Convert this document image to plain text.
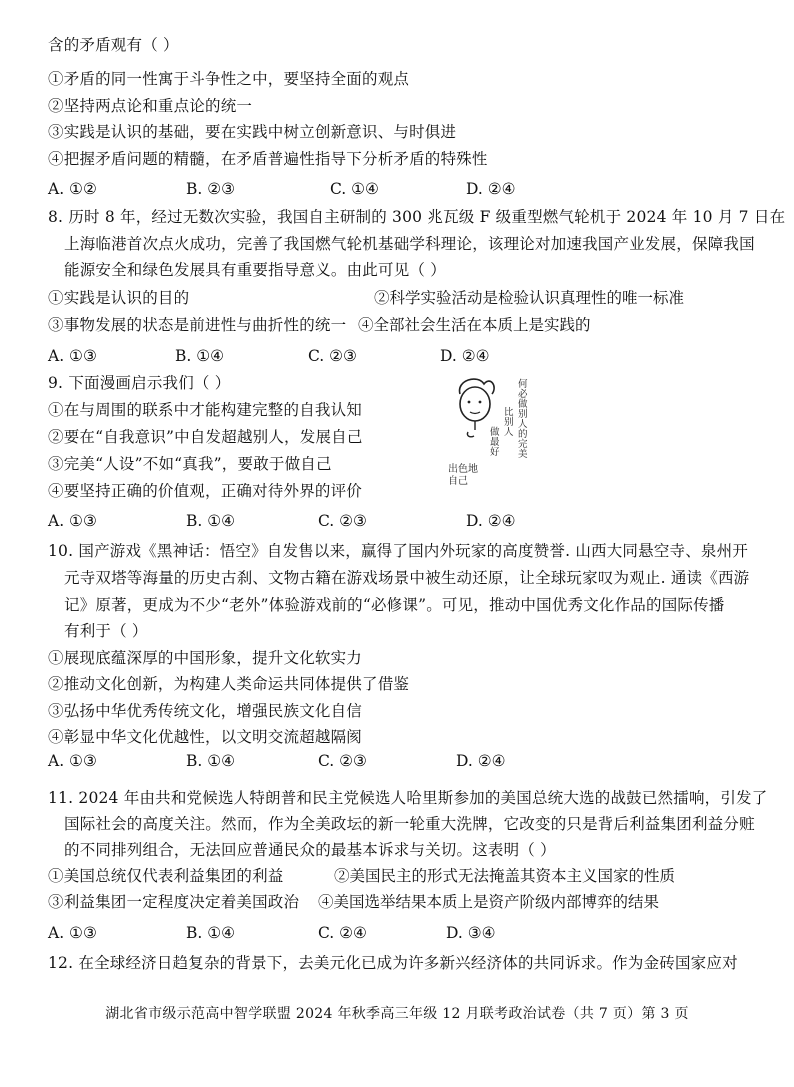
含的矛盾观有（ ）
①矛盾的同一性寓于斗争性之中，要坚持全面的观点
②坚持两点论和重点论的统一
③实践是认识的基础，要在实践中树立创新意识、与时俱进
④把握矛盾问题的精髓，在矛盾普遍性指导下分析矛盾的特殊性
A. ①②	B. ②③	C. ①④	D. ②④
8. 历时 8 年，经过无数次实验，我国自主研制的 300 兆瓦级 F 级重型燃气轮机于 2024 年 10 月 7 日在
上海临港首次点火成功，完善了我国燃气轮机基础学科理论，该理论对加速我国产业发展，保障我国
能源安全和绿色发展具有重要指导意义。由此可见（ ）
①实践是认识的目的	②科学实验活动是检验认识真理性的唯一标准
③事物发展的状态是前进性与曲折性的统一 ④全部社会生活在本质上是实践的
A. ①③	B. ①④	C. ②③	D. ②④
9. 下面漫画启示我们（ ）
①在与周围的联系中才能构建完整的自我认知
②要在“自我意识”中自发超越别人，发展自己
③完美“人设”不如“真我”，要敢于做自己
④要坚持正确的价值观，正确对待外界的评价
出色地
自己
何必做别人的完美
比别人
做最好
A. ①③	B. ①④	C. ②③	D. ②④
10. 国产游戏《黑神话：悟空》自发售以来，赢得了国内外玩家的高度赞誉. 山西大同悬空寺、泉州开
元寺双塔等海量的历史古刹、文物古籍在游戏场景中被生动还原，让全球玩家叹为观止. 通读《西游
记》原著，更成为不少“老外”体验游戏前的“必修课”。可见，推动中国优秀文化作品的国际传播
有利于（ ）
①展现底蕴深厚的中国形象，提升文化软实力
②推动文化创新，为构建人类命运共同体提供了借鉴
③弘扬中华优秀传统文化，增强民族文化自信
④彰显中华文化优越性，以文明交流超越隔阂
A. ①③	B. ①④	C. ②③	D. ②④
11. 2024 年由共和党候选人特朗普和民主党候选人哈里斯参加的美国总统大选的战鼓已然擂响，引发了
国际社会的高度关注。然而，作为全美政坛的新一轮重大洗牌，它改变的只是背后利益集团利益分赃
的不同排列组合，无法回应普通民众的最基本诉求与关切。这表明（ ）
①美国总统仅代表利益集团的利益	②美国民主的形式无法掩盖其资本主义国家的性质
③利益集团一定程度决定着美国政治 ④美国选举结果本质上是资产阶级内部博弈的结果
A. ①③	B. ①④	C. ②④	D. ③④
12. 在全球经济日趋复杂的背景下，去美元化已成为许多新兴经济体的共同诉求。作为金砖国家应对
湖北省市级示范高中智学联盟 2024 年秋季高三年级 12 月联考政治试卷（共 7 页）第 3 页
